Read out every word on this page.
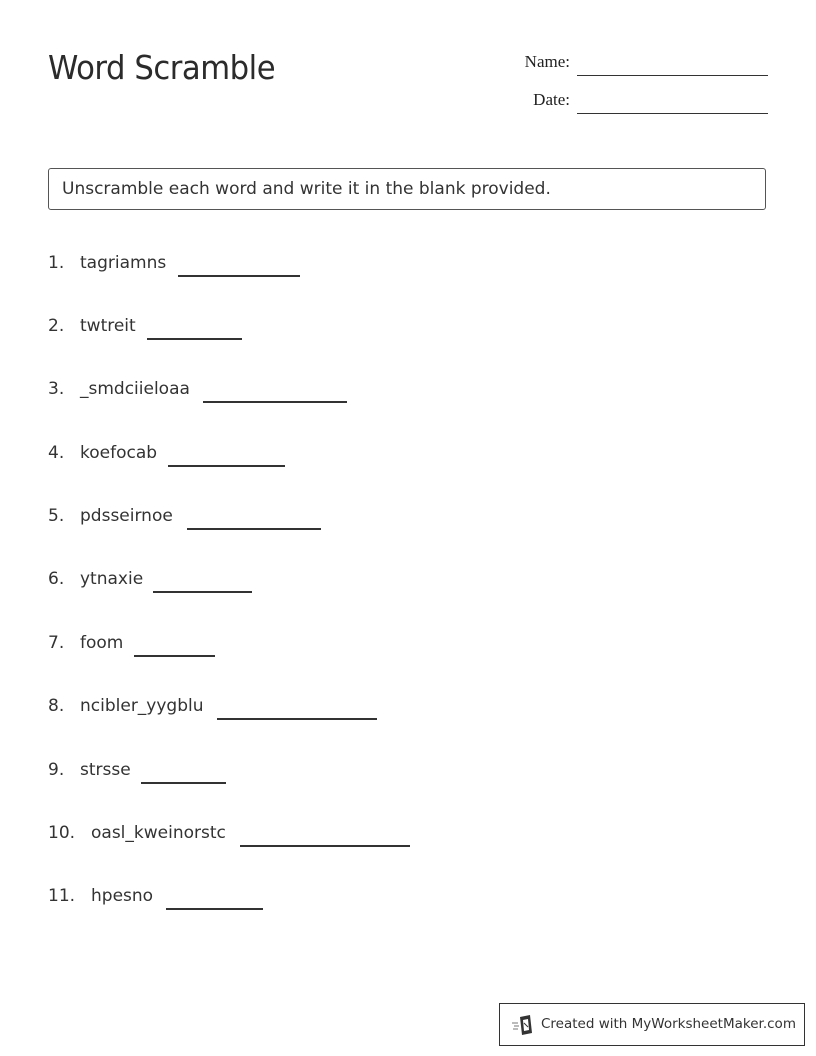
Word Scramble	Name:
Date:
Unscramble each word and write it in the blank provided.
1. tagriamns
2. twtreit
3. _smdciieloaa
4. koefocab
5. pdsseirnoe
6. ytnaxie
7. foom
8. ncibler_yygblu
9. strsse
10. oasl_kweinorstc
11. hpesno
Created with MyWorksheetMaker.com
